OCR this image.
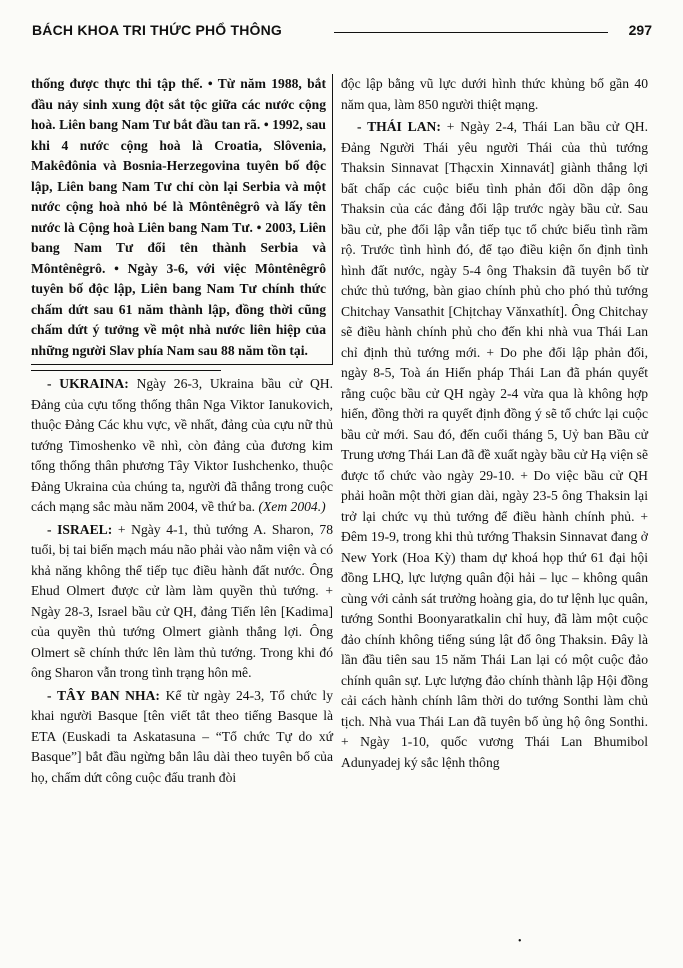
BÁCH KHOA TRI THỨC PHỔ THÔNG	297

thống được thực thi tập thể. • Từ năm 1988, bắt đầu nảy sinh xung đột sắt tộc giữa các nước cộng hoà. Liên bang Nam Tư bắt đầu tan rã. • 1992, sau khi 4 nước cộng hoà là Croatia, Slôvenia, Makêđônia và Bosnia-Herzegovina tuyên bố độc lập, Liên bang Nam Tư chỉ còn lại Serbia và một nước cộng hoà nhỏ bé là Môntênêgrô và lấy tên nước là Cộng hoà Liên bang Nam Tư. • 2003, Liên bang Nam Tư đổi tên thành Serbia và Môntênêgrô. • Ngày 3-6, với việc Môntênêgrô tuyên bố độc lập, Liên bang Nam Tư chính thức chấm dứt sau 61 năm thành lập, đồng thời cũng chấm dứt ý tưởng về một nhà nước liên hiệp của những người Slav phía Nam sau 88 năm tồn tại.

- UKRAINA: Ngày 26-3, Ukraina bầu cử QH. Đảng của cựu tổng thống thân Nga Viktor Ianukovich, thuộc Đảng Các khu vực, về nhất, đảng của cựu nữ thủ tướng Timoshenko về nhì, còn đảng của đương kim tổng thống thân phương Tây Viktor Iushchenko, thuộc Đảng Ukraina của chúng ta, người đã thắng trong cuộc cách mạng sắc màu năm 2004, về thứ ba. (Xem 2004.)

- ISRAEL: + Ngày 4-1, thủ tướng A. Sharon, 78 tuổi, bị tai biến mạch máu não phải vào nằm viện và có khả năng không thể tiếp tục điều hành đất nước. Ông Ehud Olmert được cử làm làm quyền thủ tướng. + Ngày 28-3, Israel bầu cử QH, đảng Tiến lên [Kadima] của quyền thủ tướng Olmert giành thắng lợi. Ông Olmert sẽ chính thức lên làm thủ tướng. Trong khi đó ông Sharon vẫn trong tình trạng hôn mê.

- TÂY BAN NHA: Kể từ ngày 24-3, Tổ chức ly khai người Basque [tên viết tắt theo tiếng Basque là ETA (Euskadi ta Askatasuna – “Tổ chức Tự do xứ Basque”] bắt đầu ngừng bắn lâu dài theo tuyên bố của họ, chấm dứt công cuộc đấu tranh đòi

độc lập bằng vũ lực dưới hình thức khủng bố gần 40 năm qua, làm 850 người thiệt mạng.

- THÁI LAN: + Ngày 2-4, Thái Lan bầu cử QH. Đảng Người Thái yêu người Thái của thủ tướng Thaksin Sinnavat [Thạcxin Xinnavát] giành thắng lợi bất chấp các cuộc biểu tình phản đối dồn dập ông Thaksin của các đảng đối lập trước ngày bầu cử. Sau bầu cử, phe đối lập vẫn tiếp tục tổ chức biểu tình rầm rộ. Trước tình hình đó, để tạo điều kiện ổn định tình hình đất nước, ngày 5-4 ông Thaksin đã tuyên bố từ chức thủ tướng, bàn giao chính phủ cho phó thủ tướng Chitchay Vansathit [Chịtchay Vănxathít]. Ông Chitchay sẽ điều hành chính phủ cho đến khi nhà vua Thái Lan chỉ định thủ tướng mới. + Do phe đối lập phản đối, ngày 8-5, Toà án Hiến pháp Thái Lan đã phán quyết rằng cuộc bầu cử QH ngày 2-4 vừa qua là không hợp hiến, đồng thời ra quyết định đồng ý sẽ tổ chức lại cuộc bầu cử mới. Sau đó, đến cuối tháng 5, Uỷ ban Bầu cử Trung ương Thái Lan đã đề xuất ngày bầu cử Hạ viện sẽ được tổ chức vào ngày 29-10. + Do việc bầu cử QH phải hoãn một thời gian dài, ngày 23-5 ông Thaksin lại trở lại chức vụ thủ tướng để điều hành chính phủ. + Đêm 19-9, trong khi thủ tướng Thaksin Sinnavat đang ở New York (Hoa Kỳ) tham dự khoá họp thứ 61 đại hội đồng LHQ, lực lượng quân đội hải – lục – không quân cùng với cảnh sát trưởng hoàng gia, do tư lệnh lục quân, tướng Sonthi Boonyaratkalin chỉ huy, đã làm một cuộc đảo chính không tiếng súng lật đổ ông Thaksin. Đây là lần đầu tiên sau 15 năm Thái Lan lại có một cuộc đảo chính quân sự. Lực lượng đảo chính thành lập Hội đồng cải cách hành chính lâm thời do tướng Sonthi làm chủ tịch. Nhà vua Thái Lan đã tuyên bố ủng hộ ông Sonthi. + Ngày 1-10, quốc vương Thái Lan Bhumibol Adunyadej ký sắc lệnh thông

•
